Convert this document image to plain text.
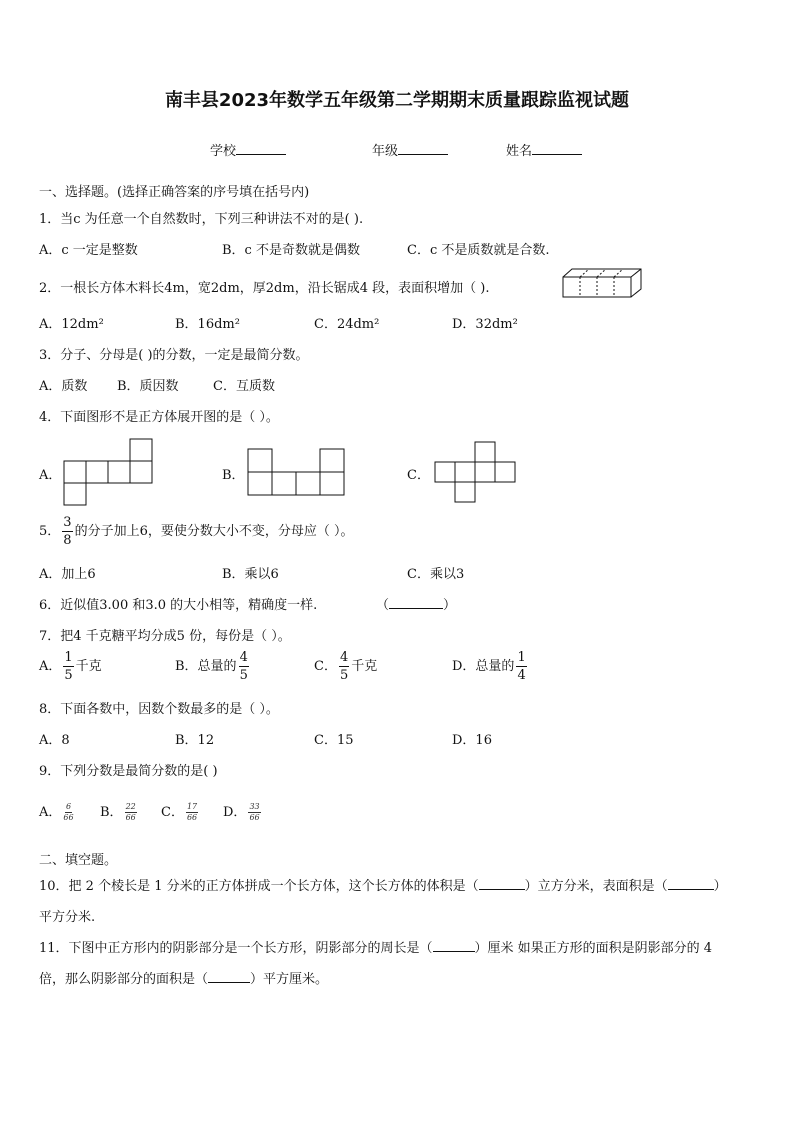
南丰县2023年数学五年级第二学期期末质量跟踪监视试题
学校	年级	姓名
一、选择题。(选择正确答案的序号填在括号内)
1．当c 为任意一个自然数时，下列三种讲法不对的是( ).
A．c 一定是整数	B．c 不是奇数就是偶数	C．c 不是质数就是合数.
2．一根长方体木料长4m，宽2dm，厚2dm，沿长锯成4 段，表面积增加（ ).
A．12dm²	B．16dm²	C．24dm²	D．32dm²
3．分子、分母是( )的分数，一定是最简分数。
A．质数 B．质因数	C．互质数
4．下面图形不是正方体展开图的是（ ）。
A．	B．	C．
5． $\frac{3}{8}$ 的分子加上6，要使分数大小不变，分母应（ ）。
A．加上6	B．乘以6	C．乘以3
6．近似值3.00 和3.0 的大小相等，精确度一样.	（	）
7．把4 千克糖平均分成5 份，每份是（ ）。
A． $\frac{1}{5}$ 千克	B．总量的 $\frac{4}{5}$	C． $\frac{4}{5}$ 千克	D．总量的 $\frac{1}{4}$
8．下面各数中，因数个数最多的是（ ）。
A．8	B．12	C．15	D．16
9．下列分数是最简分数的是( )
A． $\frac{6}{66}$ B． $\frac{22}{66}$ C． $\frac{17}{66}$ D． $\frac{33}{66}$
二、填空题。
10．把 2 个棱长是 1 分米的正方体拼成一个长方体，这个长方体的体积是（	）立方分米，表面积是（	）
平方分米.
11．下图中正方形内的阴影部分是一个长方形，阴影部分的周长是（	）厘米 如果正方形的面积是阴影部分的 4
倍，那么阴影部分的面积是（	）平方厘米。
